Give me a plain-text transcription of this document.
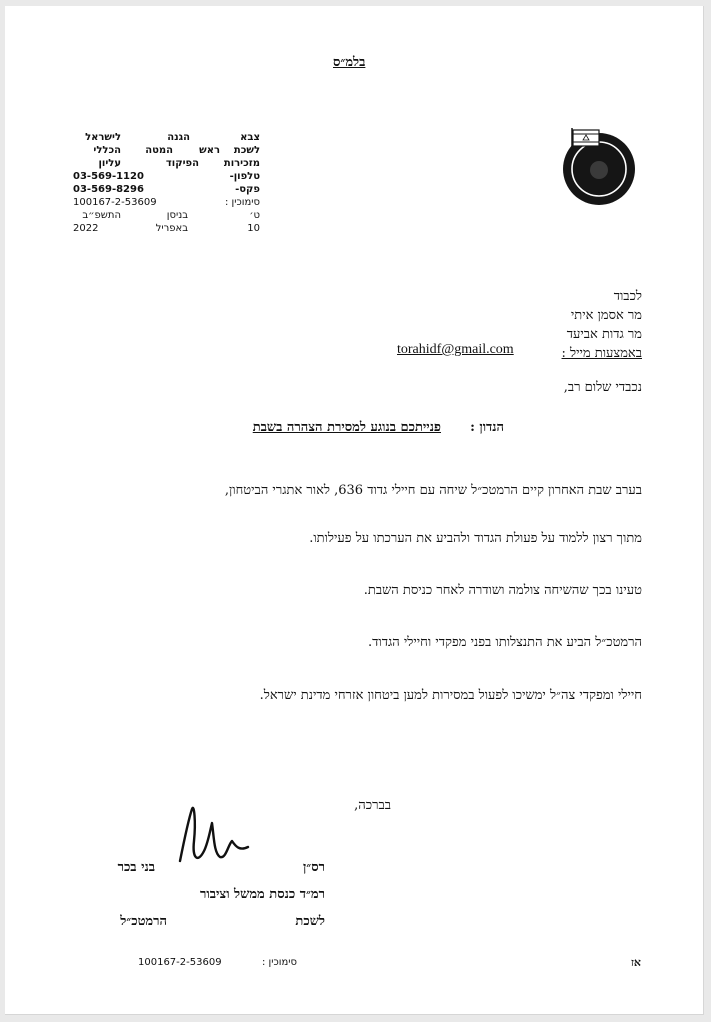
בלמ״ס
צבא
הגנה
לישראל
לשכת
ראש
המטה
הכללי
מזכירות
הפיקוד
עליון
טלפון-
03-569-1120
פקס-
03-569-8296
סימוכין :
100167-2-53609
ט׳
בניסן
התשפ״ב
10
באפריל
2022
לכבוד
מר אסמן איתי
מר גדות אביעד
באמצעות מייל :
torahidf@gmail.com
נכבדי שלום רב,
הנדון :
פנייתכם בנוגע למסירת הצהרה בשבת
בערב שבת האחרון קיים הרמטכ״ל שיחה עם חיילי גדוד 636, לאור אתגרי הביטחון,
מתוך רצון ללמוד על פעולת הגדוד ולהביע את הערכתו על פעילותו.
טעינו בכך שהשיחה צולמה ושודרה לאחר כניסת השבת.
הרמטכ״ל הביע את התנצלותו בפני מפקדי וחיילי הגדוד.
חיילי ומפקדי צה״ל ימשיכו לפעול במסירות למען ביטחון אזרחי מדינת ישראל.
בברכה,
רס״ן
בני בכר
רמ״ד כנסת ממשל וציבור
לשכת
הרמטכ״ל
סימוכין :
100167-2-53609	אז
